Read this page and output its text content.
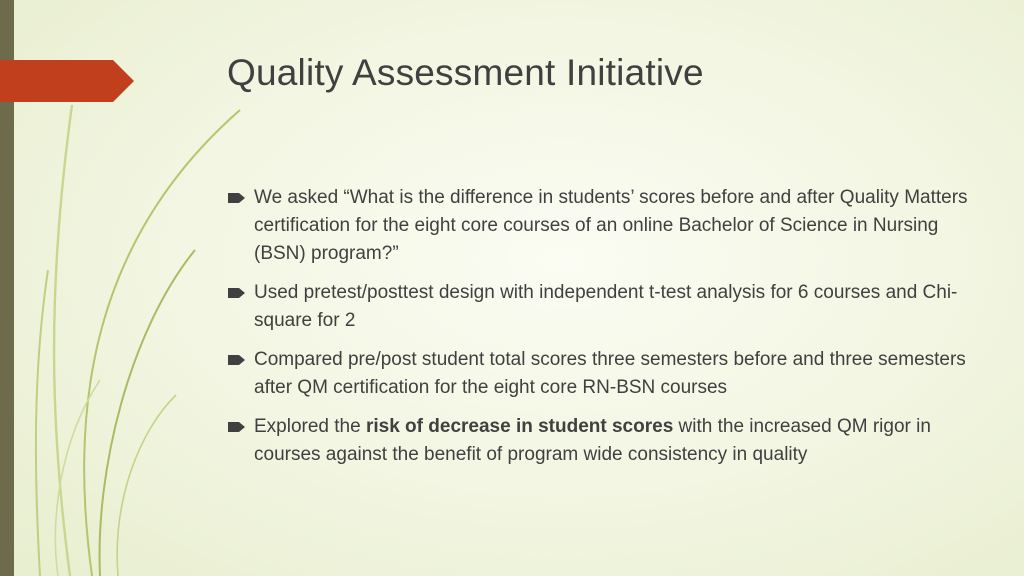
Quality Assessment Initiative
We asked “What is the difference in students’ scores before and after Quality Matters certification for the eight core courses of an online Bachelor of Science in Nursing (BSN) program?”
Used pretest/posttest design with independent t-test analysis for 6 courses and Chi-square for 2
Compared pre/post student total scores three semesters before and three semesters after QM certification for the eight core RN-BSN courses
Explored the risk of decrease in student scores with the increased QM rigor in courses against the benefit of program wide consistency in quality
